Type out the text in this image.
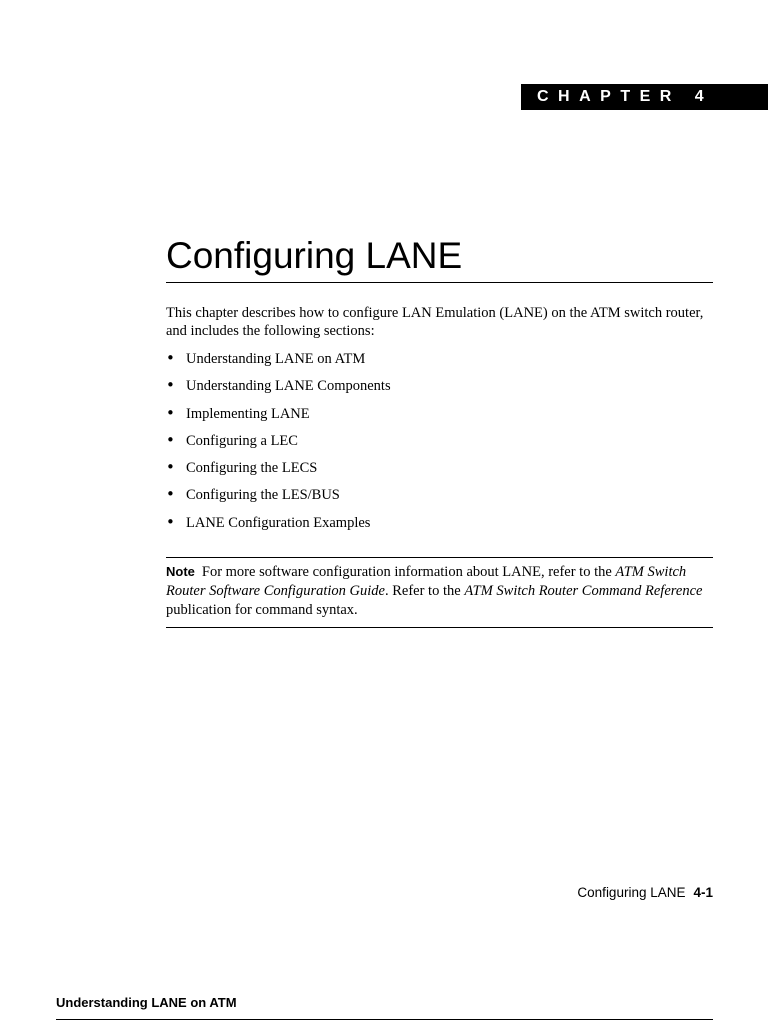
CHAPTER 4
Configuring LANE

This chapter describes how to configure LAN Emulation (LANE) on the ATM switch router, and includes the following sections:

• Understanding LANE on ATM
• Understanding LANE Components
• Implementing LANE
• Configuring a LEC
• Configuring the LECS
• Configuring the LES/BUS
• LANE Configuration Examples

Note For more software configuration information about LANE, refer to the ATM Switch Router Software Configuration Guide. Refer to the ATM Switch Router Command Reference publication for command syntax.

Configuring LANE 4-1
Understanding LANE on ATM
